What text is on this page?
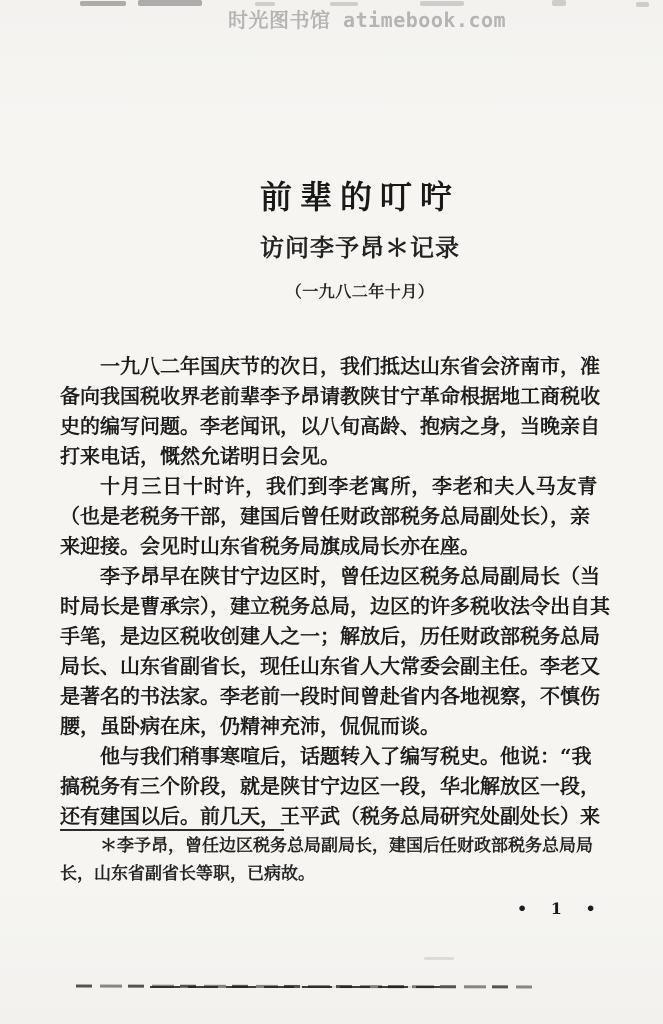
时光图书馆 atimebook.com
前辈的叮咛
访问李予昂＊记录
（一九八二年十月）
一九八二年国庆节的次日，我们抵达山东省会济南市，准
备向我国税收界老前辈李予昂请教陕甘宁革命根据地工商税收
史的编写问题。李老闻讯，以八旬高龄、抱病之身，当晚亲自
打来电话，慨然允诺明日会见。
十月三日十时许，我们到李老寓所，李老和夫人马友青
（也是老税务干部，建国后曾任财政部税务总局副处长），亲
来迎接。会见时山东省税务局旗成局长亦在座。
李予昂早在陕甘宁边区时，曾任边区税务总局副局长（当
时局长是曹承宗），建立税务总局，边区的许多税收法令出自其
手笔，是边区税收创建人之一；解放后，历任财政部税务总局
局长、山东省副省长，现任山东省人大常委会副主任。李老又
是著名的书法家。李老前一段时间曾赴省内各地视察，不慎伤
腰，虽卧病在床，仍精神充沛，侃侃而谈。
他与我们稍事寒喧后，话题转入了编写税史。他说：“我
搞税务有三个阶段，就是陕甘宁边区一段，华北解放区一段，
还有建国以后。前几天，王平武（税务总局研究处副处长）来
＊李予昂，曾任边区税务总局副局长，建国后任财政部税务总局局
长，山东省副省长等职，已病故。
• 1 •
